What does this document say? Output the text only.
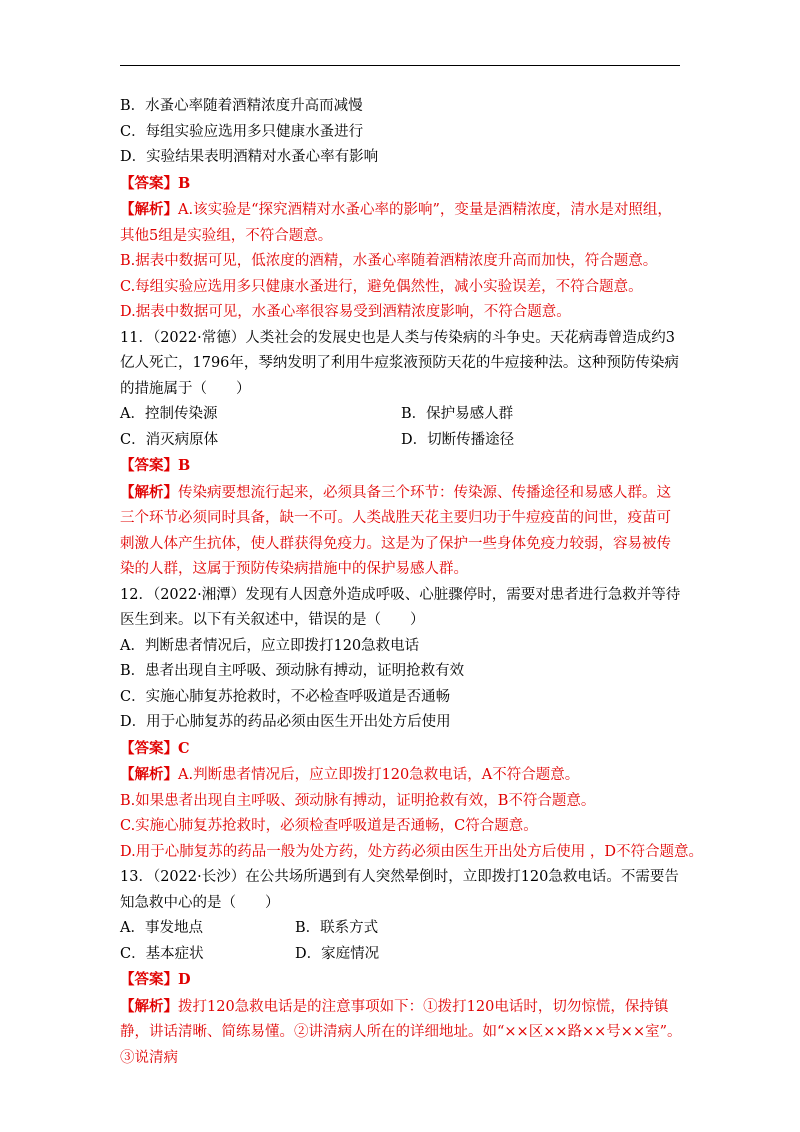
B．水蚤心率随着酒精浓度升高而减慢
C．每组实验应选用多只健康水蚤进行
D．实验结果表明酒精对水蚤心率有影响
【答案】B
【解析】A.该实验是“探究酒精对水蚤心率的影响”，变量是酒精浓度，清水是对照组，其他5组是实验组，不符合题意。
B.据表中数据可见，低浓度的酒精，水蚤心率随着酒精浓度升高而加快，符合题意。
C.每组实验应选用多只健康水蚤进行，避免偶然性，减小实验误差，不符合题意。
D.据表中数据可见，水蚤心率很容易受到酒精浓度影响，不符合题意。
11．（2022·常德）人类社会的发展史也是人类与传染病的斗争史。天花病毒曾造成约3亿人死亡，1796年，琴纳发明了利用牛痘浆液预防天花的牛痘接种法。这种预防传染病的措施属于（　　）
A．控制传染源	B．保护易感人群
C．消灭病原体	D．切断传播途径
【答案】B
【解析】传染病要想流行起来，必须具备三个环节：传染源、传播途径和易感人群。这三个环节必须同时具备，缺一不可。人类战胜天花主要归功于牛痘疫苗的问世，疫苗可刺激人体产生抗体，使人群获得免疫力。这是为了保护一些身体免疫力较弱，容易被传染的人群，这属于预防传染病措施中的保护易感人群。
12．（2022·湘潭）发现有人因意外造成呼吸、心脏骤停时，需要对患者进行急救并等待医生到来。以下有关叙述中，错误的是（　　）
A．判断患者情况后，应立即拨打120急救电话
B．患者出现自主呼吸、颈动脉有搏动，证明抢救有效
C．实施心肺复苏抢救时，不必检查呼吸道是否通畅
D．用于心肺复苏的药品必须由医生开出处方后使用
【答案】C
【解析】A.判断患者情况后，应立即拨打120急救电话，A不符合题意。
B.如果患者出现自主呼吸、颈动脉有搏动，证明抢救有效，B不符合题意。
C.实施心肺复苏抢救时，必须检查呼吸道是否通畅，C符合题意。
D.用于心肺复苏的药品一般为处方药，处方药必须由医生开出处方后使用 ，D不符合题意。
13．（2022·长沙）在公共场所遇到有人突然晕倒时，立即拨打120急救电话。不需要告知急救中心的是（　　）
A．事发地点	B．联系方式
C．基本症状	D．家庭情况
【答案】D
【解析】拨打120急救电话是的注意事项如下：①拨打120电话时，切勿惊慌，保持镇静，讲话清晰、简练易懂。②讲清病人所在的详细地址。如“××区××路××号××室”。③说清病
